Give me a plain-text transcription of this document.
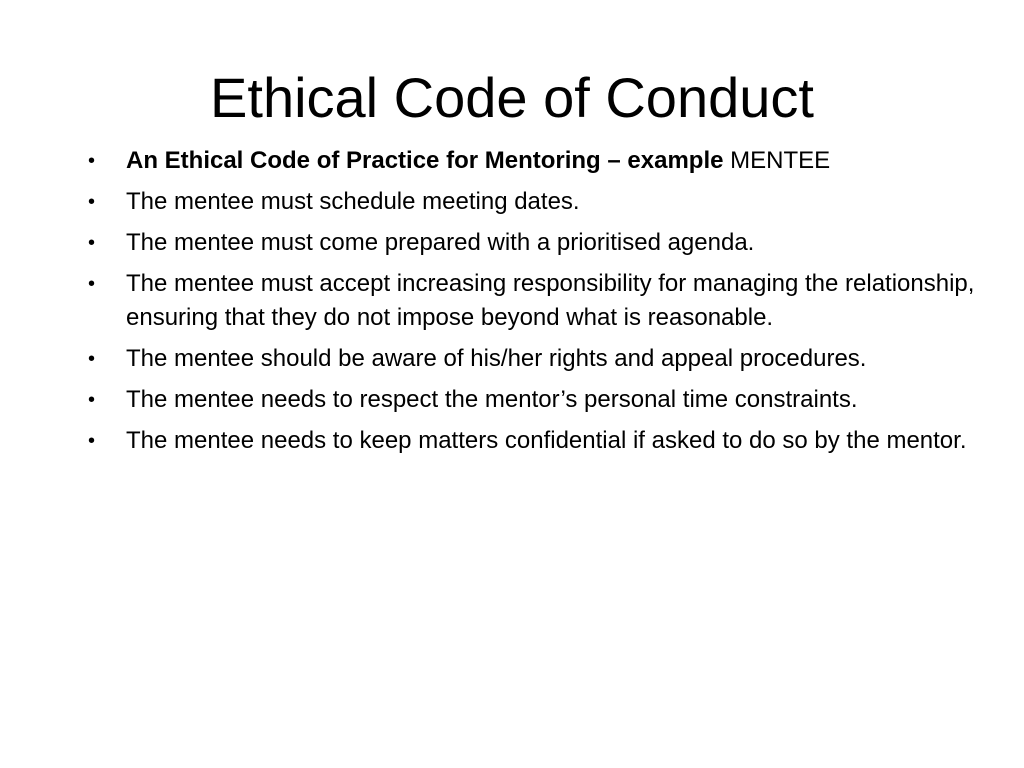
Ethical Code of Conduct
•	An Ethical Code of Practice for Mentoring – example MENTEE
•	The mentee must schedule meeting dates.
•	The mentee must come prepared with a prioritised agenda.
•	The mentee must accept increasing responsibility for managing the relationship, ensuring that they do not impose beyond what is reasonable.
•	The mentee should be aware of his/her rights and appeal procedures.
•	The mentee needs to respect the mentor’s personal time constraints.
•	The mentee needs to keep matters confidential if asked to do so by the mentor.
